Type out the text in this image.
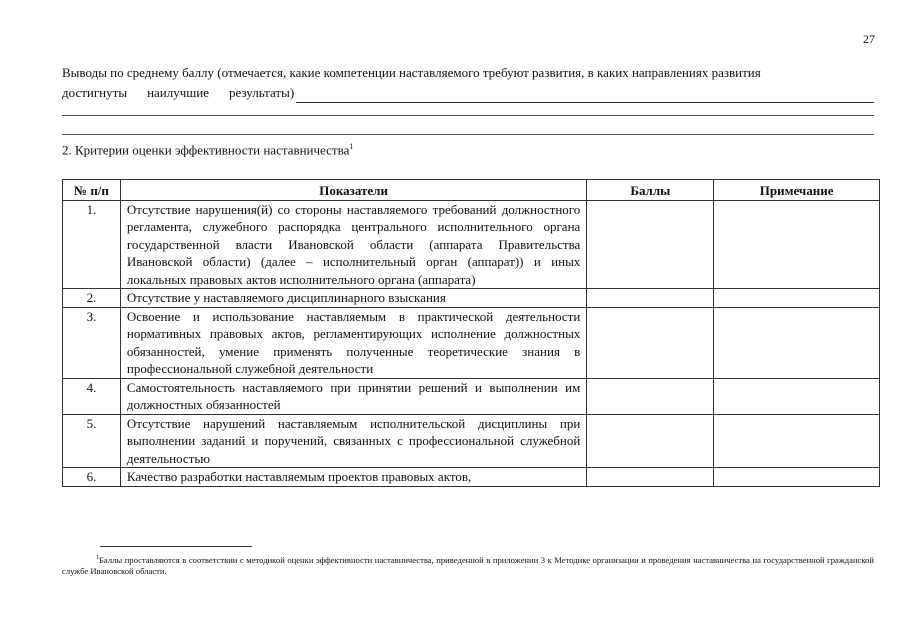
27
Выводы по среднему баллу (отмечается, какие компетенции наставляемого требуют развития, в каких направлениях развития
достигнуты наилучшие результаты)
2. Критерии оценки эффективности наставничества$^1$
№ п/п	Показатели	Баллы	Примечание
1.	Отсутствие нарушения(й) со стороны наставляемого требований должностного регламента, служебного распорядка центрального исполнительного органа государственной власти Ивановской области (аппарата Правительства Ивановской области) (далее – исполнительный орган (аппарат)) и иных локальных правовых актов исполнительного органа (аппарата)		
2.	Отсутствие у наставляемого дисциплинарного взыскания		
3.	Освоение и использование наставляемым в практической деятельности нормативных правовых актов, регламентирующих исполнение должностных обязанностей, умение применять полученные теоретические знания в профессиональной служебной деятельности		
4.	Самостоятельность наставляемого при принятии решений и выполнении им должностных обязанностей		
5.	Отсутствие нарушений наставляемым исполнительской дисциплины при выполнении заданий и поручений, связанных с профессиональной служебной деятельностью		
6.	Качество разработки наставляемым проектов правовых актов,		
$^1$Баллы проставляются в соответствии с методикой оценки эффективности наставничества, приведенной в приложении 3 к Методике организации и проведения наставничества на государственной гражданской службе Ивановской области.
